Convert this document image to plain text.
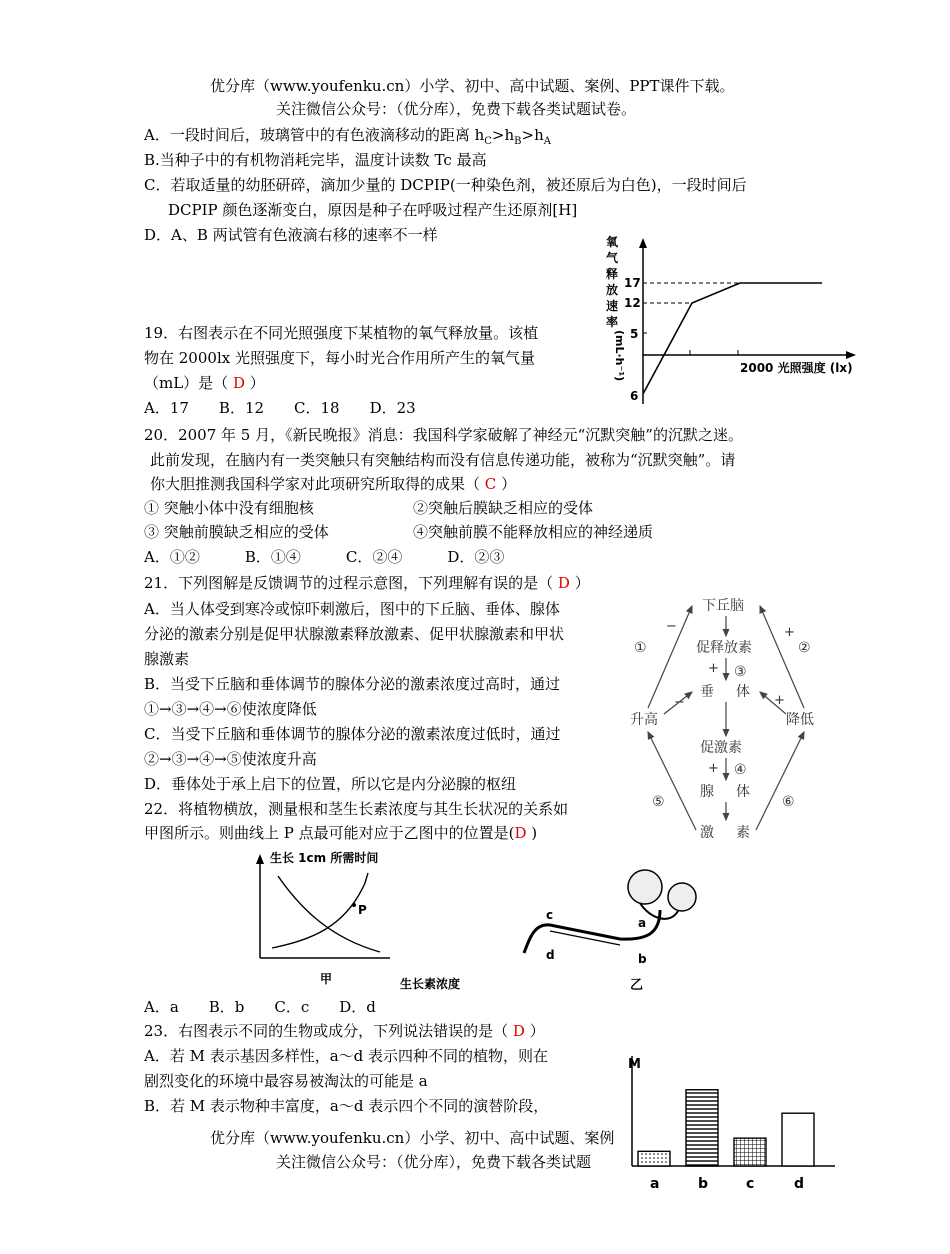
优分库（www.youfenku.cn）小学、初中、高中试题、案例、PPT课件下载。
关注微信公众号：（优分库），免费下载各类试题试卷。
A．一段时间后，玻璃管中的有色液滴移动的距离 $h_C>h_B>h_A$
B.当种子中的有机物消耗完毕，温度计读数 Tc 最高
C．若取适量的幼胚研碎，滴加少量的 DCPIP(一种染色剂，被还原后为白色)，一段时间后
DCPIP 颜色逐渐变白，原因是种子在呼吸过程产生还原剂[H]
D．A、B 两试管有色液滴右移的速率不一样
19．右图表示在不同光照强度下某植物的氧气释放量。该植
物在 2000lx 光照强度下，每小时光合作用所产生的氧气量
（mL）是（ D ）
A．17　　B．12　　C．18　　D．23
氧
气
释
放
速
率
(mL·h⁻¹)
17
12
5
6
2000 光照强度 (lx)
20．2007 年 5 月，《新民晚报》消息：我国科学家破解了神经元“沉默突触”的沉默之迷。
此前发现，在脑内有一类突触只有突触结构而没有信息传递功能，被称为“沉默突触”。请
你大胆推测我国科学家对此项研究所取得的成果（ C ）
① 突触小体中没有细胞核	②突触后膜缺乏相应的受体
③ 突触前膜缺乏相应的受体	④突触前膜不能释放相应的神经递质
A．①②　　　B．①④　　　C．②④　　　D．②③
21．下列图解是反馈调节的过程示意图，下列理解有误的是（ D ）
A．当人体受到寒冷或惊吓刺激后，图中的下丘脑、垂体、腺体
分泌的激素分别是促甲状腺激素释放激素、促甲状腺激素和甲状
腺激素
B．当受下丘脑和垂体调节的腺体分泌的激素浓度过高时，通过
①→③→④→⑥使浓度降低
C．当受下丘脑和垂体调节的腺体分泌的激素浓度过低时，通过
②→③→④→⑤使浓度升高
D．垂体处于承上启下的位置，所以它是内分泌腺的枢纽
下丘脑
促释放素
垂 体
促激素
腺 体
激 素
升高	降低
①	②
③
④
⑤	⑥
−	+
+
−	+
+
22．将植物横放，测量根和茎生长素浓度与其生长状况的关系如
甲图所示。则曲线上 P 点最可能对应于乙图中的位置是(D )
生长 1cm 所需时间
P
甲	生长素浓度
a
b
c
d
乙
A．a　　B．b　　C．c　　D．d
23．右图表示不同的生物或成分，下列说法错误的是（ D ）
A．若 M 表示基因多样性，a～d 表示四种不同的植物，则在
剧烈变化的环境中最容易被淘汰的可能是 a
B．若 M 表示物种丰富度，a～d 表示四个不同的演替阶段，
优分库（www.youfenku.cn）小学、初中、高中试题、案例
关注微信公众号：（优分库），免费下载各类试题
M
a	b	c	d
